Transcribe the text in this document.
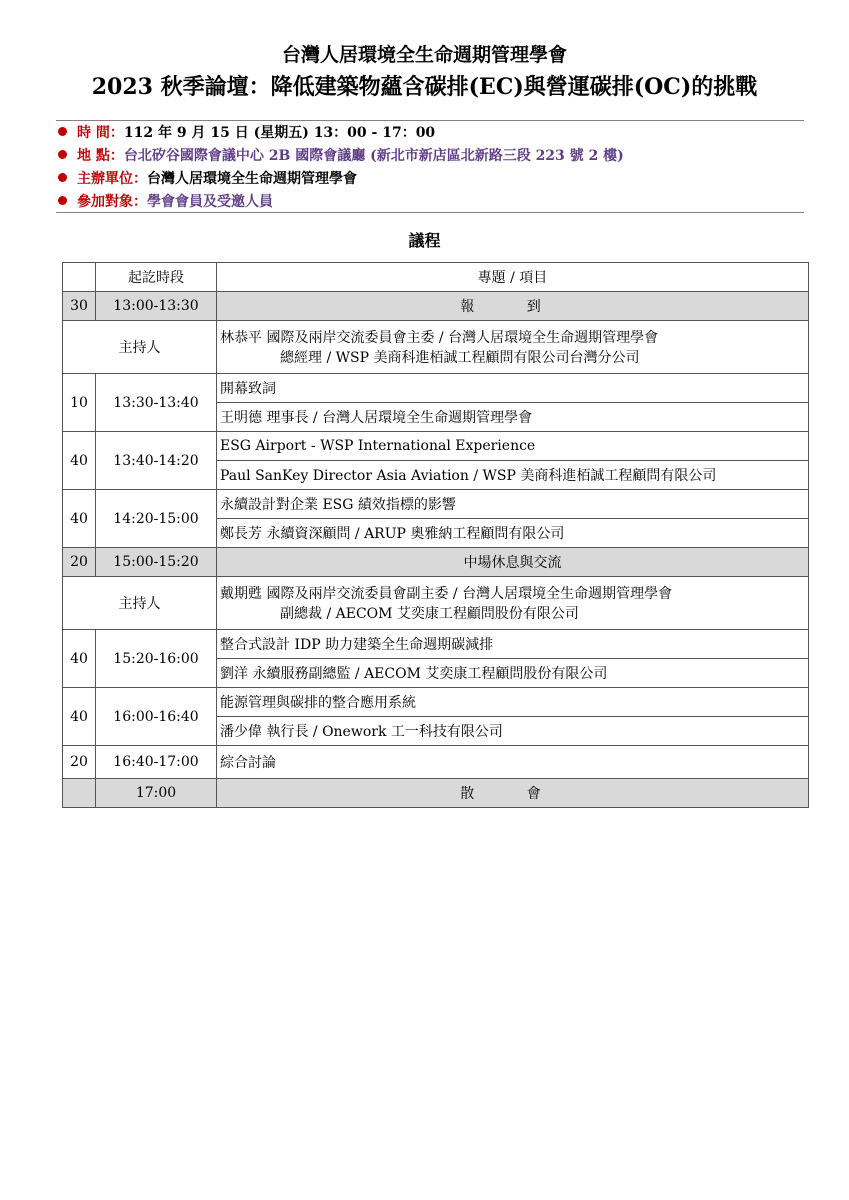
台灣人居環境全生命週期管理學會
2023 秋季論壇：降低建築物蘊含碳排(EC)與營運碳排(OC)的挑戰
時 間：112 年 9 月 15 日 (星期五) 13：00 - 17：00
地 點：台北矽谷國際會議中心 2B 國際會議廳 (新北市新店區北新路三段 223 號 2 樓)
主辦單位：台灣人居環境全生命週期管理學會
參加對象：學會會員及受邀人員
議程
	起訖時段	專題 / 項目
30	13:00-13:30	報 到
主持人		林恭平 國際及兩岸交流委員會主委 / 台灣人居環境全生命週期管理學會
總經理 / WSP 美商科進栢誠工程顧問有限公司台灣分公司

10	13:30-13:40	開幕致詞
		王明德 理事長 / 台灣人居環境全生命週期管理學會
40	13:40-14:20	ESG Airport - WSP International Experience
		Paul SanKey Director Asia Aviation / WSP 美商科進栢誠工程顧問有限公司
40	14:20-15:00	永續設計對企業 ESG 績效指標的影響
		鄭長芳 永續資深顧問 / ARUP 奧雅納工程顧問有限公司
20	15:00-15:20	中場休息與交流
主持人		戴期甦 國際及兩岸交流委員會副主委 / 台灣人居環境全生命週期管理學會
副總裁 / AECOM 艾奕康工程顧問股份有限公司

40	15:20-16:00	整合式設計 IDP 助力建築全生命週期碳減排
		劉洋 永續服務副總監 / AECOM 艾奕康工程顧問股份有限公司
40	16:00-16:40	能源管理與碳排的整合應用系統
		潘少偉 執行長 / Onework 工一科技有限公司
20	16:40-17:00	綜合討論
	17:00	散 會
